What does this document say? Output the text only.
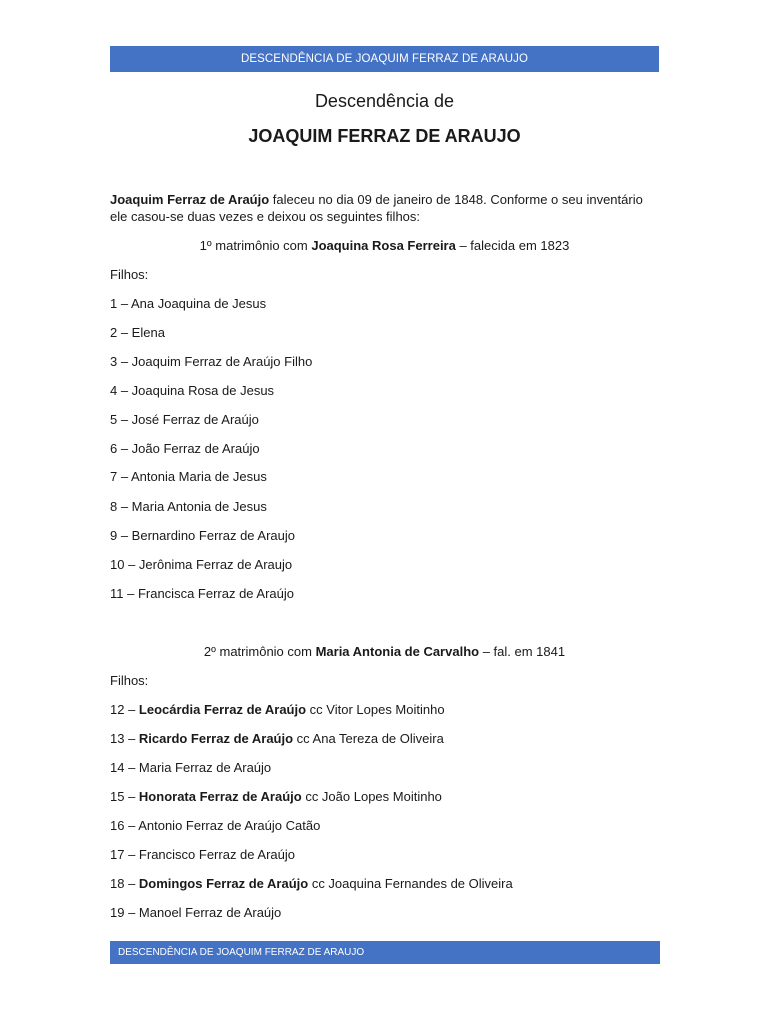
DESCENDÊNCIA DE JOAQUIM FERRAZ DE ARAUJO
Descendência de
JOAQUIM FERRAZ DE ARAUJO
Joaquim Ferraz de Araújo faleceu no dia 09 de janeiro de 1848. Conforme o seu inventário ele casou-se duas vezes e deixou os seguintes filhos:
1º matrimônio com Joaquina Rosa Ferreira – falecida em 1823
Filhos:
1 – Ana Joaquina de Jesus
2 – Elena
3 – Joaquim Ferraz de Araújo Filho
4 – Joaquina Rosa de Jesus
5 – José Ferraz de Araújo
6 – João Ferraz de Araújo
7 – Antonia Maria de Jesus
8 – Maria Antonia de Jesus
9 – Bernardino Ferraz de Araujo
10 – Jerônima Ferraz de Araujo
11 – Francisca Ferraz de Araújo
2º matrimônio com Maria Antonia de Carvalho – fal. em 1841
Filhos:
12 – Leocárdia Ferraz de Araújo cc Vitor Lopes Moitinho
13 – Ricardo Ferraz de Araújo cc Ana Tereza de Oliveira
14 – Maria Ferraz de Araújo
15 – Honorata Ferraz de Araújo cc João Lopes Moitinho
16 – Antonio Ferraz de Araújo Catão
17 – Francisco Ferraz de Araújo
18 – Domingos Ferraz de Araújo cc Joaquina Fernandes de Oliveira
19 – Manoel Ferraz de Araújo
DESCENDÊNCIA DE JOAQUIM FERRAZ DE ARAUJO
